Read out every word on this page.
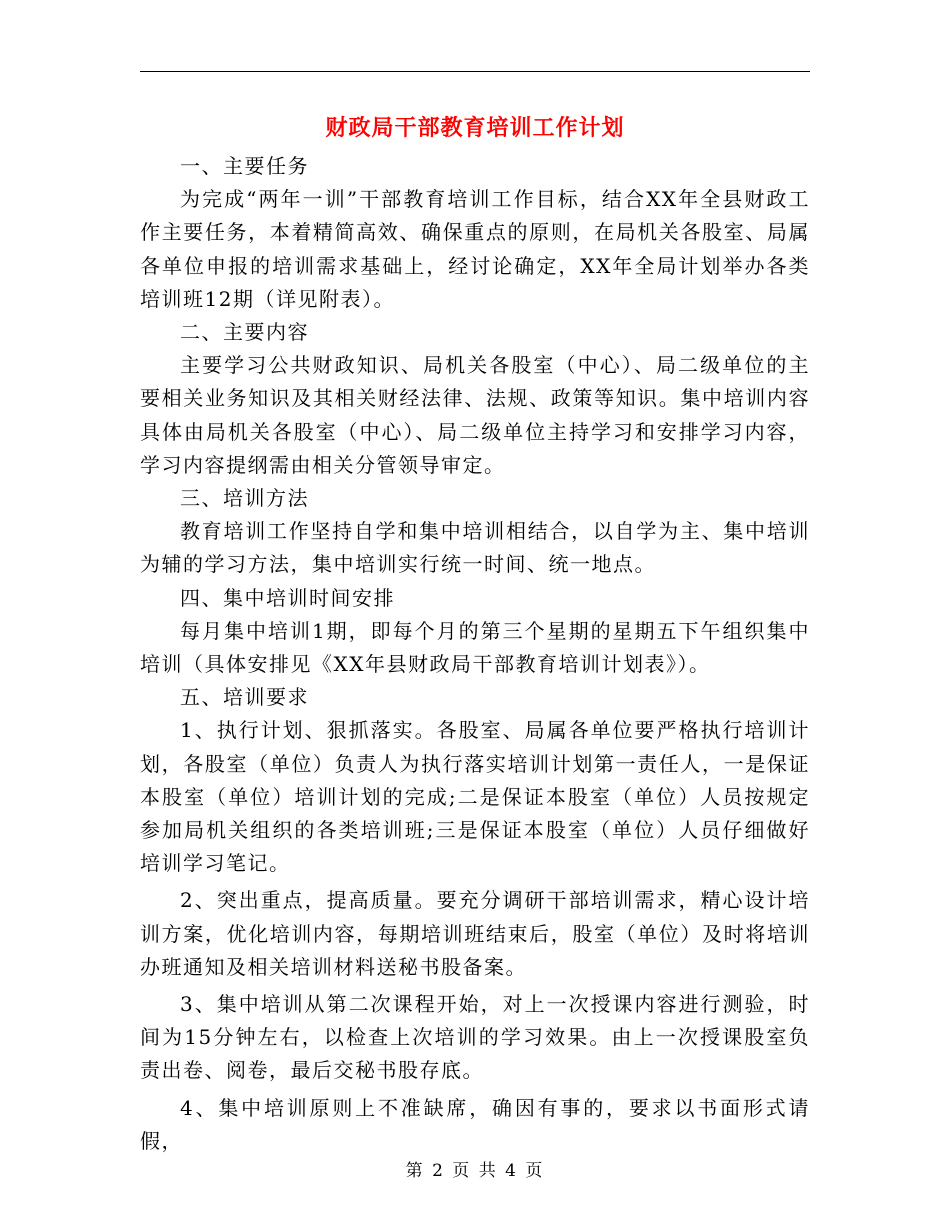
财政局干部教育培训工作计划

一、主要任务

为完成“两年一训”干部教育培训工作目标，结合XX年全县财政工作主要任务，本着精简高效、确保重点的原则，在局机关各股室、局属各单位申报的培训需求基础上，经讨论确定，XX年全局计划举办各类培训班12期（详见附表）。

二、主要内容

主要学习公共财政知识、局机关各股室（中心）、局二级单位的主要相关业务知识及其相关财经法律、法规、政策等知识。集中培训内容具体由局机关各股室（中心）、局二级单位主持学习和安排学习内容，学习内容提纲需由相关分管领导审定。

三、培训方法

教育培训工作坚持自学和集中培训相结合，以自学为主、集中培训为辅的学习方法，集中培训实行统一时间、统一地点。

四、集中培训时间安排

每月集中培训1期，即每个月的第三个星期的星期五下午组织集中培训（具体安排见《XX年县财政局干部教育培训计划表》）。

五、培训要求

1、执行计划、狠抓落实。各股室、局属各单位要严格执行培训计划，各股室（单位）负责人为执行落实培训计划第一责任人，一是保证本股室（单位）培训计划的完成;二是保证本股室（单位）人员按规定参加局机关组织的各类培训班;三是保证本股室（单位）人员仔细做好培训学习笔记。

2、突出重点，提高质量。要充分调研干部培训需求，精心设计培训方案，优化培训内容，每期培训班结束后，股室（单位）及时将培训办班通知及相关培训材料送秘书股备案。

3、集中培训从第二次课程开始，对上一次授课内容进行测验，时间为15分钟左右，以检查上次培训的学习效果。由上一次授课股室负责出卷、阅卷，最后交秘书股存底。

4、集中培训原则上不准缺席，确因有事的，要求以书面形式请假，

第 2 页 共 4 页
